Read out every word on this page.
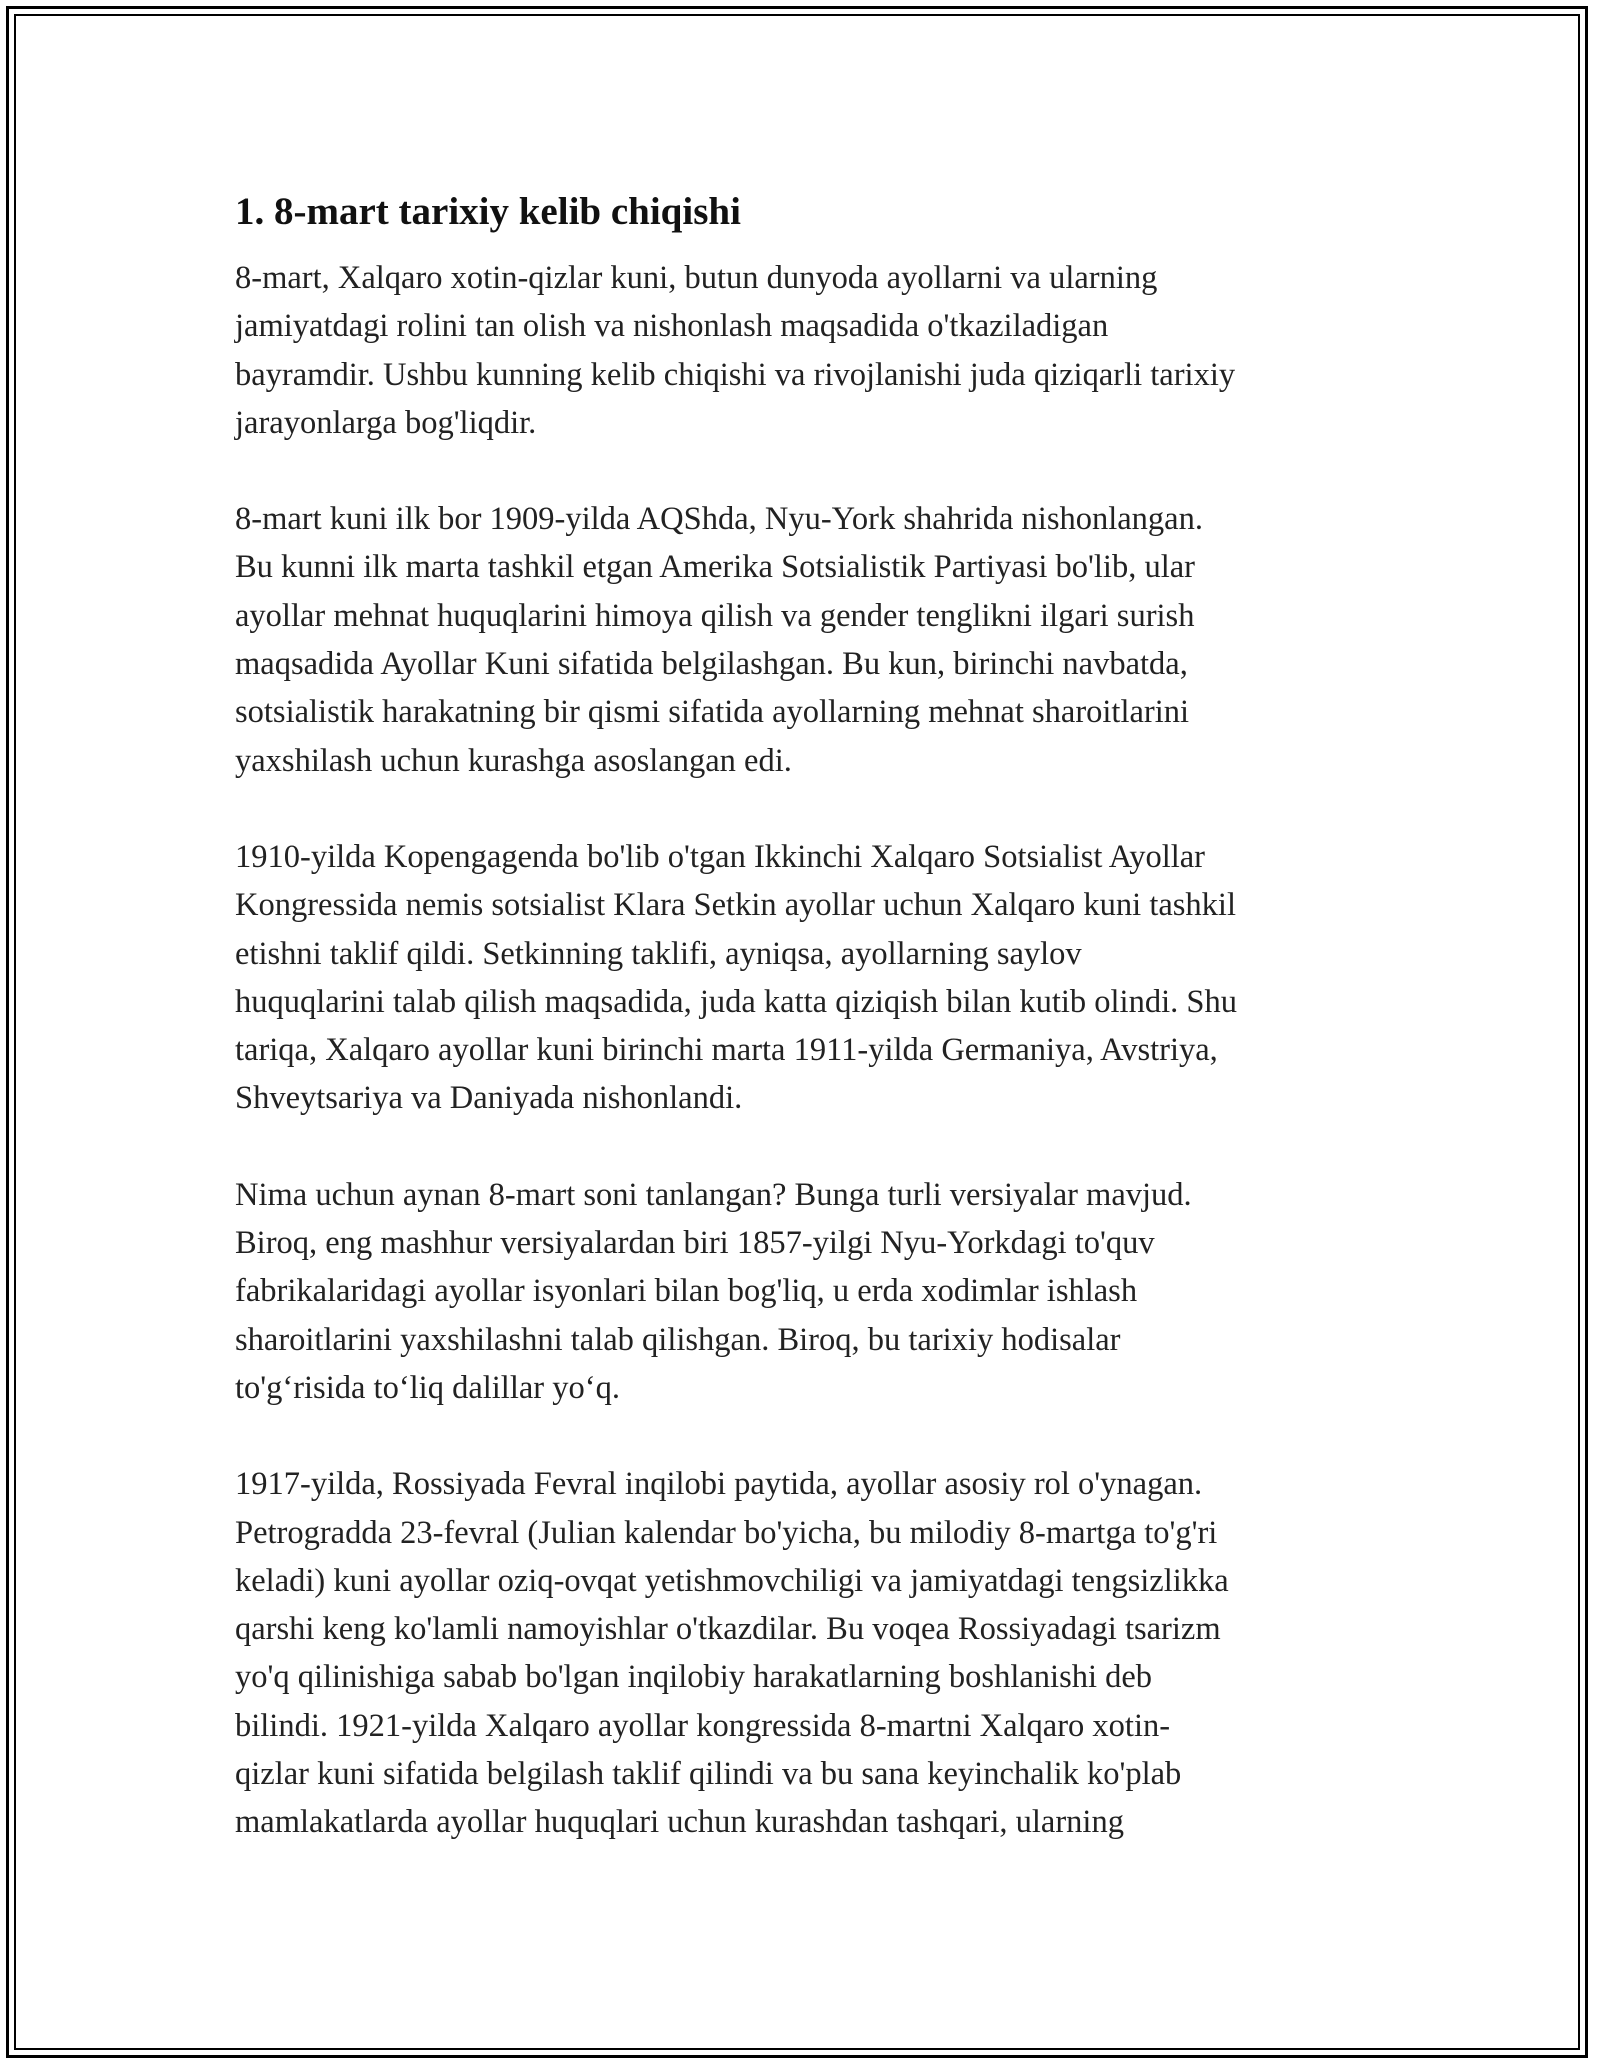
1. 8-mart tarixiy kelib chiqishi

8-mart, Xalqaro xotin-qizlar kuni, butun dunyoda ayollarni va ularning
jamiyatdagi rolini tan olish va nishonlash maqsadida o'tkaziladigan
bayramdir. Ushbu kunning kelib chiqishi va rivojlanishi juda qiziqarli tarixiy
jarayonlarga bog'liqdir.

8-mart kuni ilk bor 1909-yilda AQShda, Nyu-York shahrida nishonlangan.
Bu kunni ilk marta tashkil etgan Amerika Sotsialistik Partiyasi bo'lib, ular
ayollar mehnat huquqlarini himoya qilish va gender tenglikni ilgari surish
maqsadida Ayollar Kuni sifatida belgilashgan. Bu kun, birinchi navbatda,
sotsialistik harakatning bir qismi sifatida ayollarning mehnat sharoitlarini
yaxshilash uchun kurashga asoslangan edi.

1910-yilda Kopengagenda bo'lib o'tgan Ikkinchi Xalqaro Sotsialist Ayollar
Kongressida nemis sotsialist Klara Setkin ayollar uchun Xalqaro kuni tashkil
etishni taklif qildi. Setkinning taklifi, ayniqsa, ayollarning saylov
huquqlarini talab qilish maqsadida, juda katta qiziqish bilan kutib olindi. Shu
tariqa, Xalqaro ayollar kuni birinchi marta 1911-yilda Germaniya, Avstriya,
Shveytsariya va Daniyada nishonlandi.

Nima uchun aynan 8-mart soni tanlangan? Bunga turli versiyalar mavjud.
Biroq, eng mashhur versiyalardan biri 1857-yilgi Nyu-Yorkdagi to'quv
fabrikalaridagi ayollar isyonlari bilan bog'liq, u erda xodimlar ishlash
sharoitlarini yaxshilashni talab qilishgan. Biroq, bu tarixiy hodisalar
to'g‘risida to‘liq dalillar yo‘q.

1917-yilda, Rossiyada Fevral inqilobi paytida, ayollar asosiy rol o'ynagan.
Petrogradda 23-fevral (Julian kalendar bo'yicha, bu milodiy 8-martga to'g'ri
keladi) kuni ayollar oziq-ovqat yetishmovchiligi va jamiyatdagi tengsizlikka
qarshi keng ko'lamli namoyishlar o'tkazdilar. Bu voqea Rossiyadagi tsarizm
yo'q qilinishiga sabab bo'lgan inqilobiy harakatlarning boshlanishi deb
bilindi. 1921-yilda Xalqaro ayollar kongressida 8-martni Xalqaro xotin-
qizlar kuni sifatida belgilash taklif qilindi va bu sana keyinchalik ko'plab
mamlakatlarda ayollar huquqlari uchun kurashdan tashqari, ularning
